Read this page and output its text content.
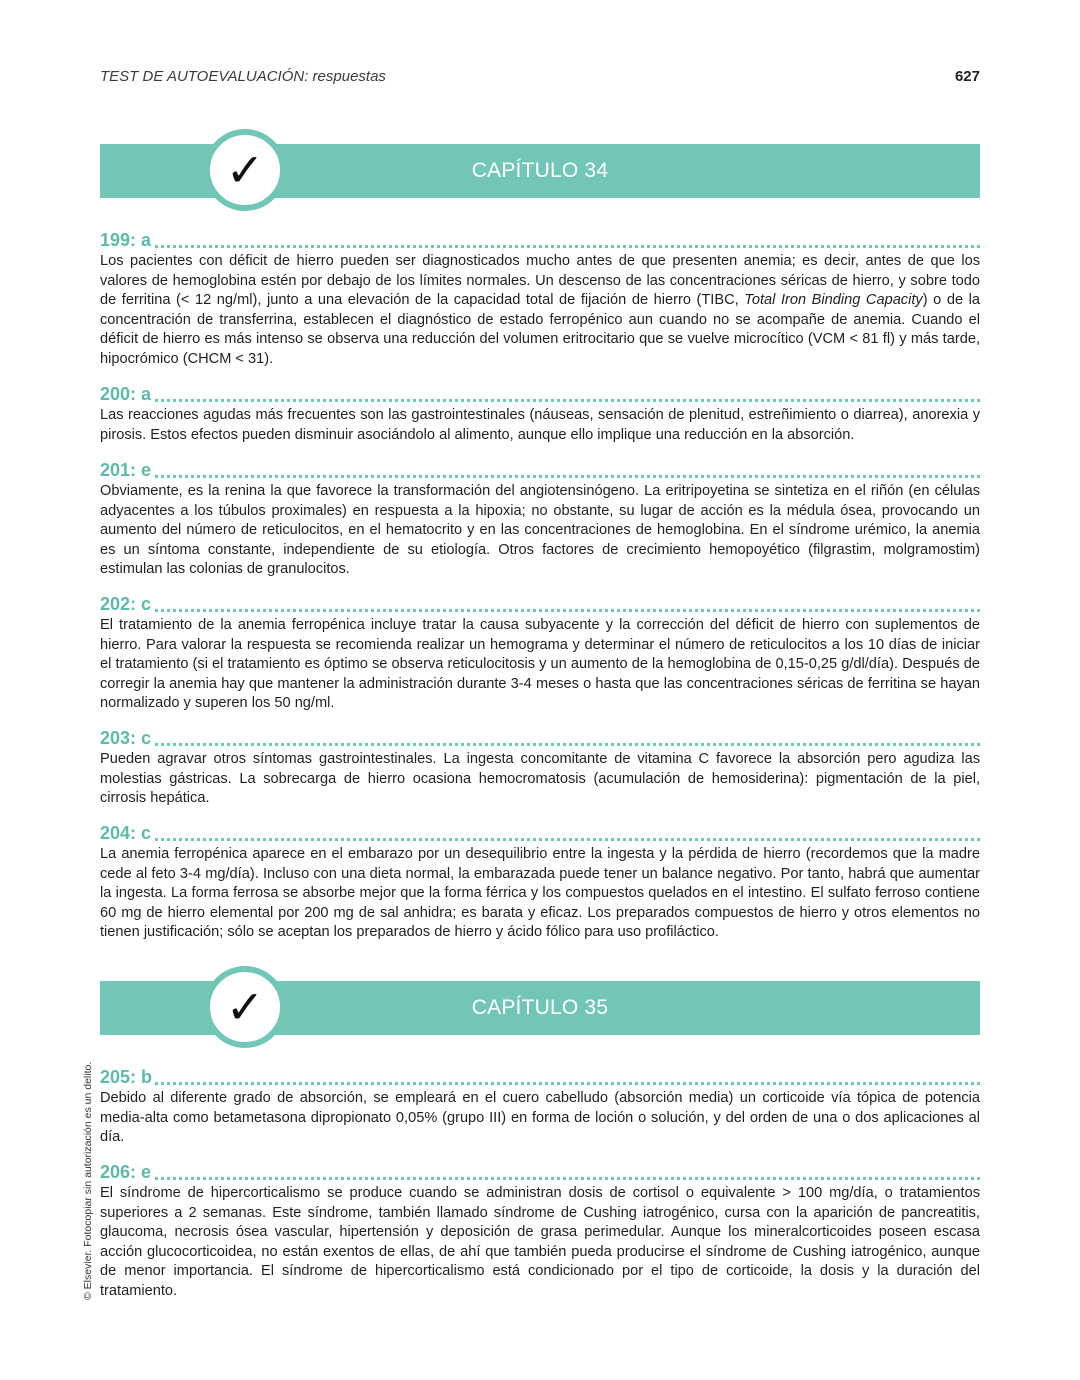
TEST DE AUTOEVALUACIÓN: respuestas	627
✓	CAPÍTULO 34
199: a

Los pacientes con déficit de hierro pueden ser diagnosticados mucho antes de que presenten anemia; es decir, antes de que los valores de hemoglobina estén por debajo de los límites normales. Un descenso de las concentraciones séricas de hierro, y sobre todo de ferritina (< 12 ng/ml), junto a una elevación de la capacidad total de fijación de hierro (TIBC, Total Iron Binding Capacity) o de la concentración de transferrina, establecen el diagnóstico de estado ferropénico aun cuando no se acompañe de anemia. Cuando el déficit de hierro es más intenso se observa una reducción del volumen eritrocitario que se vuelve microcítico (VCM < 81 fl) y más tarde, hipocrómico (CHCM < 31).

200: a

Las reacciones agudas más frecuentes son las gastrointestinales (náuseas, sensación de plenitud, estreñimiento o diarrea), anorexia y pirosis. Estos efectos pueden disminuir asociándolo al alimento, aunque ello implique una reducción en la absorción.

201: e

Obviamente, es la renina la que favorece la transformación del angiotensinógeno. La eritripoyetina se sintetiza en el riñón (en células adyacentes a los túbulos proximales) en respuesta a la hipoxia; no obstante, su lugar de acción es la médula ósea, provocando un aumento del número de reticulocitos, en el hematocrito y en las concentraciones de hemoglobina. En el síndrome urémico, la anemia es un síntoma constante, independiente de su etiología. Otros factores de crecimiento hemopoyético (filgrastim, molgramostim) estimulan las colonias de granulocitos.

202: c

El tratamiento de la anemia ferropénica incluye tratar la causa subyacente y la corrección del déficit de hierro con suplementos de hierro. Para valorar la respuesta se recomienda realizar un hemograma y determinar el número de reticulocitos a los 10 días de iniciar el tratamiento (si el tratamiento es óptimo se observa reticulocitosis y un aumento de la hemoglobina de 0,15-0,25 g/dl/día). Después de corregir la anemia hay que mantener la administración durante 3-4 meses o hasta que las concentraciones séricas de ferritina se hayan normalizado y superen los 50 ng/ml.

203: c

Pueden agravar otros síntomas gastrointestinales. La ingesta concomitante de vitamina C favorece la absorción pero agudiza las molestias gástricas. La sobrecarga de hierro ocasiona hemocromatosis (acumulación de hemosiderina): pigmentación de la piel, cirrosis hepática.

204: c

La anemia ferropénica aparece en el embarazo por un desequilibrio entre la ingesta y la pérdida de hierro (recordemos que la madre cede al feto 3-4 mg/día). Incluso con una dieta normal, la embarazada puede tener un balance negativo. Por tanto, habrá que aumentar la ingesta. La forma ferrosa se absorbe mejor que la forma férrica y los compuestos quelados en el intestino. El sulfato ferroso contiene 60 mg de hierro elemental por 200 mg de sal anhidra; es barata y eficaz. Los preparados compuestos de hierro y otros elementos no tienen justificación; sólo se aceptan los preparados de hierro y ácido fólico para uso profiláctico.

✓	CAPÍTULO 35
205: b

Debido al diferente grado de absorción, se empleará en el cuero cabelludo (absorción media) un corticoide vía tópica de potencia media-alta como betametasona dipropionato 0,05% (grupo III) en forma de loción o solución, y del orden de una o dos aplicaciones al día.

206: e

El síndrome de hipercorticalismo se produce cuando se administran dosis de cortisol o equivalente > 100 mg/día, o tratamientos superiores a 2 semanas. Este síndrome, también llamado síndrome de Cushing iatrogénico, cursa con la aparición de pancreatitis, glaucoma, necrosis ósea vascular, hipertensión y deposición de grasa perimedular. Aunque los mineralcorticoides poseen escasa acción glucocorticoidea, no están exentos de ellas, de ahí que también pueda producirse el síndrome de Cushing iatrogénico, aunque de menor importancia. El síndrome de hipercorticalismo está condicionado por el tipo de corticoide, la dosis y la duración del tratamiento.

© Elsevier. Fotocopiar sin autorización es un delito.
